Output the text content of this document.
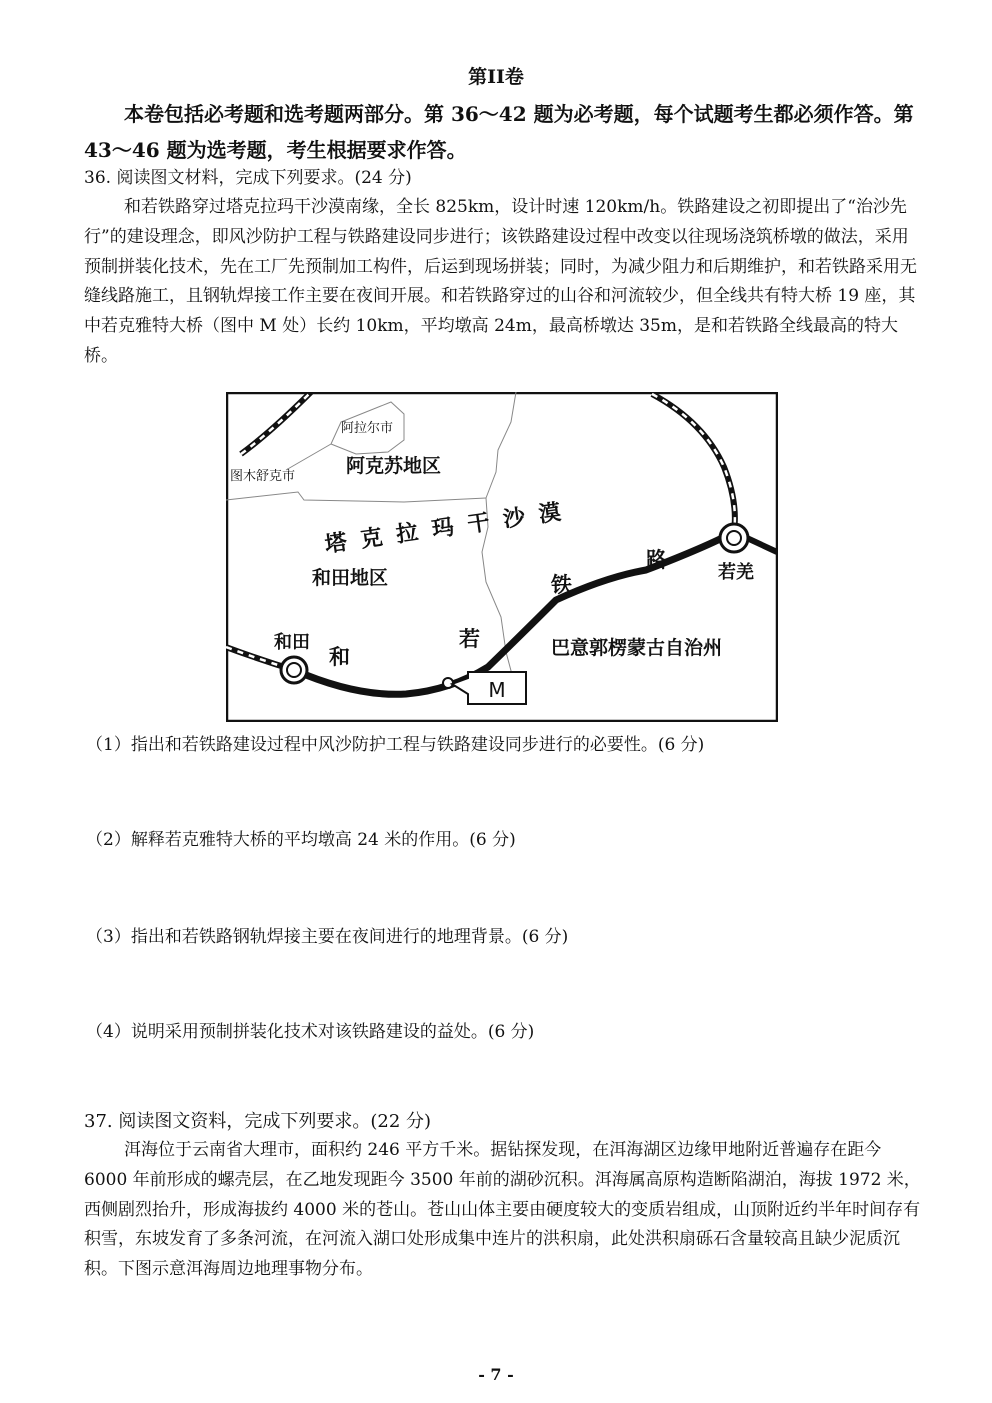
第II卷
本卷包括必考题和选考题两部分。第 36～42 题为必考题，每个试题考生都必须作答。第 43～46 题为选考题，考生根据要求作答。
36. 阅读图文材料，完成下列要求。(24 分)
和若铁路穿过塔克拉玛干沙漠南缘，全长 825km，设计时速 120km/h。铁路建设之初即提出了“治沙先行”的建设理念，即风沙防护工程与铁路建设同步进行；该铁路建设过程中改变以往现场浇筑桥墩的做法，采用预制拼装化技术，先在工厂先预制加工构件，后运到现场拼装；同时，为减少阻力和后期维护，和若铁路采用无缝线路施工，且钢轨焊接工作主要在夜间开展。和若铁路穿过的山谷和河流较少，但全线共有特大桥 19 座，其中若克雅特大桥（图中 M 处）长约 10km，平均墩高 24m，最高桥墩达 35m，是和若铁路全线最高的特大桥。
M
阿拉尔市
图木舒克市	阿克苏地区
塔克拉玛干沙漠
和田地区
巴意郭楞蒙古自治州
和田
若羌
和
若
铁
路
（1）指出和若铁路建设过程中风沙防护工程与铁路建设同步进行的必要性。(6 分)
（2）解释若克雅特大桥的平均墩高 24 米的作用。(6 分)
（3）指出和若铁路钢轨焊接主要在夜间进行的地理背景。(6 分)
（4）说明采用预制拼装化技术对该铁路建设的益处。(6 分)
37. 阅读图文资料，完成下列要求。(22 分)
洱海位于云南省大理市，面积约 246 平方千米。据钻探发现，在洱海湖区边缘甲地附近普遍存在距今 6000 年前形成的螺壳层，在乙地发现距今 3500 年前的湖砂沉积。洱海属高原构造断陷湖泊，海拔 1972 米，西侧剧烈抬升，形成海拔约 4000 米的苍山。苍山山体主要由硬度较大的变质岩组成，山顶附近约半年时间存有积雪，东坡发育了多条河流，在河流入湖口处形成集中连片的洪积扇，此处洪积扇砾石含量较高且缺少泥质沉积。下图示意洱海周边地理事物分布。
- 7 -
